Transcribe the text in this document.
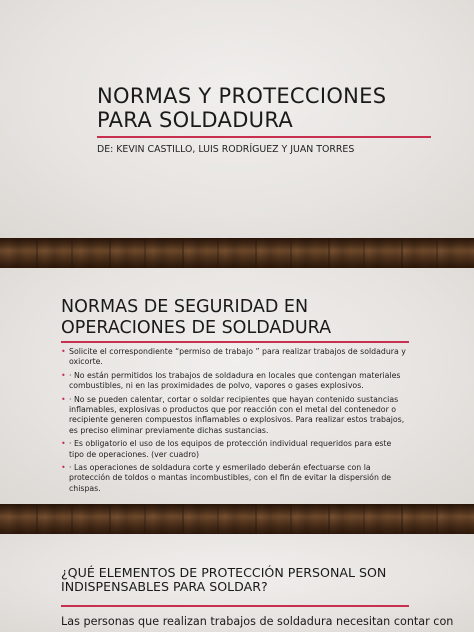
NORMAS Y PROTECCIONES PARA SOLDADURA
DE: KEVIN CASTILLO, LUIS RODRÍGUEZ Y JUAN TORRES
NORMAS DE SEGURIDAD EN OPERACIONES DE SOLDADURA
• Solicite el correspondiente “permiso de trabajo ” para realizar trabajos de soldadura y oxicorte.
• · No están permitidos los trabajos de soldadura en locales que contengan materiales combustibles, ni en las proximidades de polvo, vapores o gases explosivos.
• · No se pueden calentar, cortar o soldar recipientes que hayan contenido sustancias inflamables, explosivas o productos que por reacción con el metal del contenedor o recipiente generen compuestos inflamables o explosivos. Para realizar estos trabajos, es preciso eliminar previamente dichas sustancias.
• · Es obligatorio el uso de los equipos de protección individual requeridos para este tipo de operaciones. (ver cuadro)
• · Las operaciones de soldadura corte y esmerilado deberán efectuarse con la protección de toldos o mantas incombustibles, con el fin de evitar la dispersión de chispas.
¿QUÉ ELEMENTOS DE PROTECCIÓN PERSONAL SON INDISPENSABLES PARA SOLDAR?
Las personas que realizan trabajos de soldadura necesitan contar con
